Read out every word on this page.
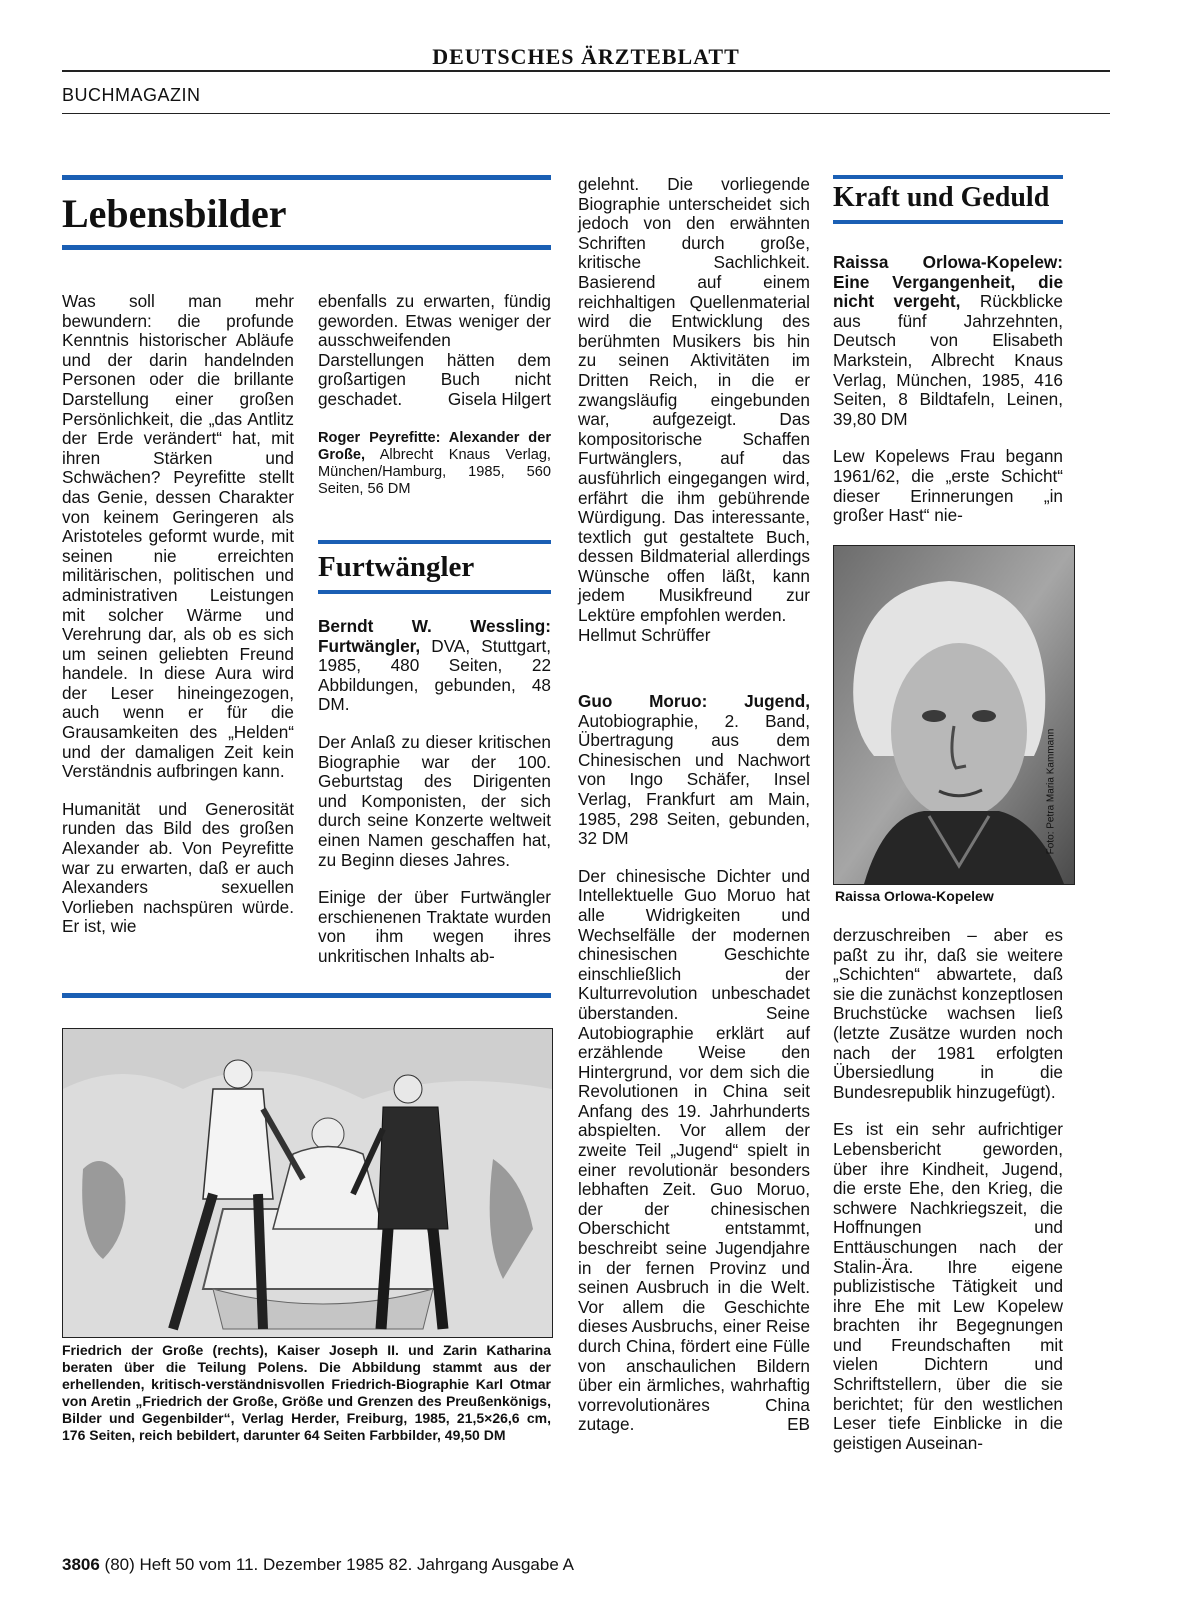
DEUTSCHES ÄRZTEBLATT
BUCHMAGAZIN
Lebensbilder

Was soll man mehr bewundern: die profunde Kenntnis historischer Abläufe und der darin handelnden Personen oder die brillante Darstellung einer großen Persönlichkeit, die „das Antlitz der Erde verändert“ hat, mit ihren Stärken und Schwächen? Peyrefitte stellt das Genie, dessen Charakter von keinem Geringeren als Aristoteles geformt wurde, mit seinen nie erreichten militärischen, politischen und administrativen Leistungen mit solcher Wärme und Verehrung dar, als ob es sich um seinen geliebten Freund handele. In diese Aura wird der Leser hineingezogen, auch wenn er für die Grausamkeiten des „Helden“ und der damaligen Zeit kein Verständnis aufbringen kann.

Humanität und Generosität runden das Bild des großen Alexander ab. Von Peyrefitte war zu erwarten, daß er auch Alexanders sexuellen Vorlieben nachspüren würde. Er ist, wie

ebenfalls zu erwarten, fündig geworden. Etwas weniger der ausschweifenden Darstellungen hätten dem großartigen Buch nicht geschadet.	Gisela Hilgert

Roger Peyrefitte: Alexander der Große, Albrecht Knaus Verlag, München/Hamburg, 1985, 560 Seiten, 56 DM

Furtwängler

Berndt W. Wessling: Furtwängler, DVA, Stuttgart, 1985, 480 Seiten, 22 Abbildungen, gebunden, 48 DM.

Der Anlaß zu dieser kritischen Biographie war der 100. Geburtstag des Dirigenten und Komponisten, der sich durch seine Konzerte weltweit einen Namen geschaffen hat, zu Beginn dieses Jahres.

Einige der über Furtwängler erschienenen Traktate wurden von ihm wegen ihres unkritischen Inhalts ab-

gelehnt. Die vorliegende Biographie unterscheidet sich jedoch von den erwähnten Schriften durch große, kritische Sachlichkeit. Basierend auf einem reichhaltigen Quellenmaterial wird die Entwicklung des berühmten Musikers bis hin zu seinen Aktivitäten im Dritten Reich, in die er zwangsläufig eingebunden war, aufgezeigt. Das kompositorische Schaffen Furtwänglers, auf das ausführlich eingegangen wird, erfährt die ihm gebührende Würdigung. Das interessante, textlich gut gestaltete Buch, dessen Bildmaterial allerdings Wünsche offen läßt, kann jedem Musikfreund zur Lektüre empfohlen werden.

Hellmut Schrüffer

Guo Moruo: Jugend, Autobiographie, 2. Band, Übertragung aus dem Chinesischen und Nachwort von Ingo Schäfer, Insel Verlag, Frankfurt am Main, 1985, 298 Seiten, gebunden, 32 DM

Der chinesische Dichter und Intellektuelle Guo Moruo hat alle Widrigkeiten und Wechselfälle der modernen chinesischen Geschichte einschließlich der Kulturrevolution unbeschadet überstanden. Seine Autobiographie erklärt auf erzählende Weise den Hintergrund, vor dem sich die Revolutionen in China seit Anfang des 19. Jahrhunderts abspielten. Vor allem der zweite Teil „Jugend“ spielt in einer revolutionär besonders lebhaften Zeit. Guo Moruo, der der chinesischen Oberschicht entstammt, beschreibt seine Jugendjahre in der fernen Provinz und seinen Ausbruch in die Welt. Vor allem die Geschichte dieses Ausbruchs, einer Reise durch China, fördert eine Fülle von anschaulichen Bildern über ein ärmliches, wahrhaftig vorrevolutionäres China zutage.	EB
Kraft und Geduld

Raissa Orlowa-Kopelew: Eine Vergangenheit, die nicht vergeht, Rückblicke aus fünf Jahrzehnten, Deutsch von Elisabeth Markstein, Albrecht Knaus Verlag, München, 1985, 416 Seiten, 8 Bildtafeln, Leinen, 39,80 DM

Lew Kopelews Frau begann 1961/62, die „erste Schicht“ dieser Erinnerungen „in großer Hast“ nie-

Foto: Petra Maria Kammann
Raissa Orlowa-Kopelew

derzuschreiben – aber es paßt zu ihr, daß sie weitere „Schichten“ abwartete, daß sie die zunächst konzeptlosen Bruchstücke wachsen ließ (letzte Zusätze wurden noch nach der 1981 erfolgten Übersiedlung in die Bundesrepublik hinzugefügt).

Es ist ein sehr aufrichtiger Lebensbericht geworden, über ihre Kindheit, Jugend, die erste Ehe, den Krieg, die schwere Nachkriegszeit, die Hoffnungen und Enttäuschungen nach der Stalin-Ära. Ihre eigene publizistische Tätigkeit und ihre Ehe mit Lew Kopelew brachten ihr Begegnungen und Freundschaften mit vielen Dichtern und Schriftstellern, über die sie berichtet; für den westlichen Leser tiefe Einblicke in die geistigen Auseinan-

Friedrich der Große (rechts), Kaiser Joseph II. und Zarin Katharina beraten über die Teilung Polens. Die Abbildung stammt aus der erhellenden, kritisch-verständnisvollen Friedrich-Biographie Karl Otmar von Aretin „Friedrich der Große, Größe und Grenzen des Preußenkönigs, Bilder und Gegenbilder“, Verlag Herder, Freiburg, 1985, 21,5×26,6 cm, 176 Seiten, reich bebildert, darunter 64 Seiten Farbbilder, 49,50 DM
3806 (80) Heft 50 vom 11. Dezember 1985 82. Jahrgang Ausgabe A
